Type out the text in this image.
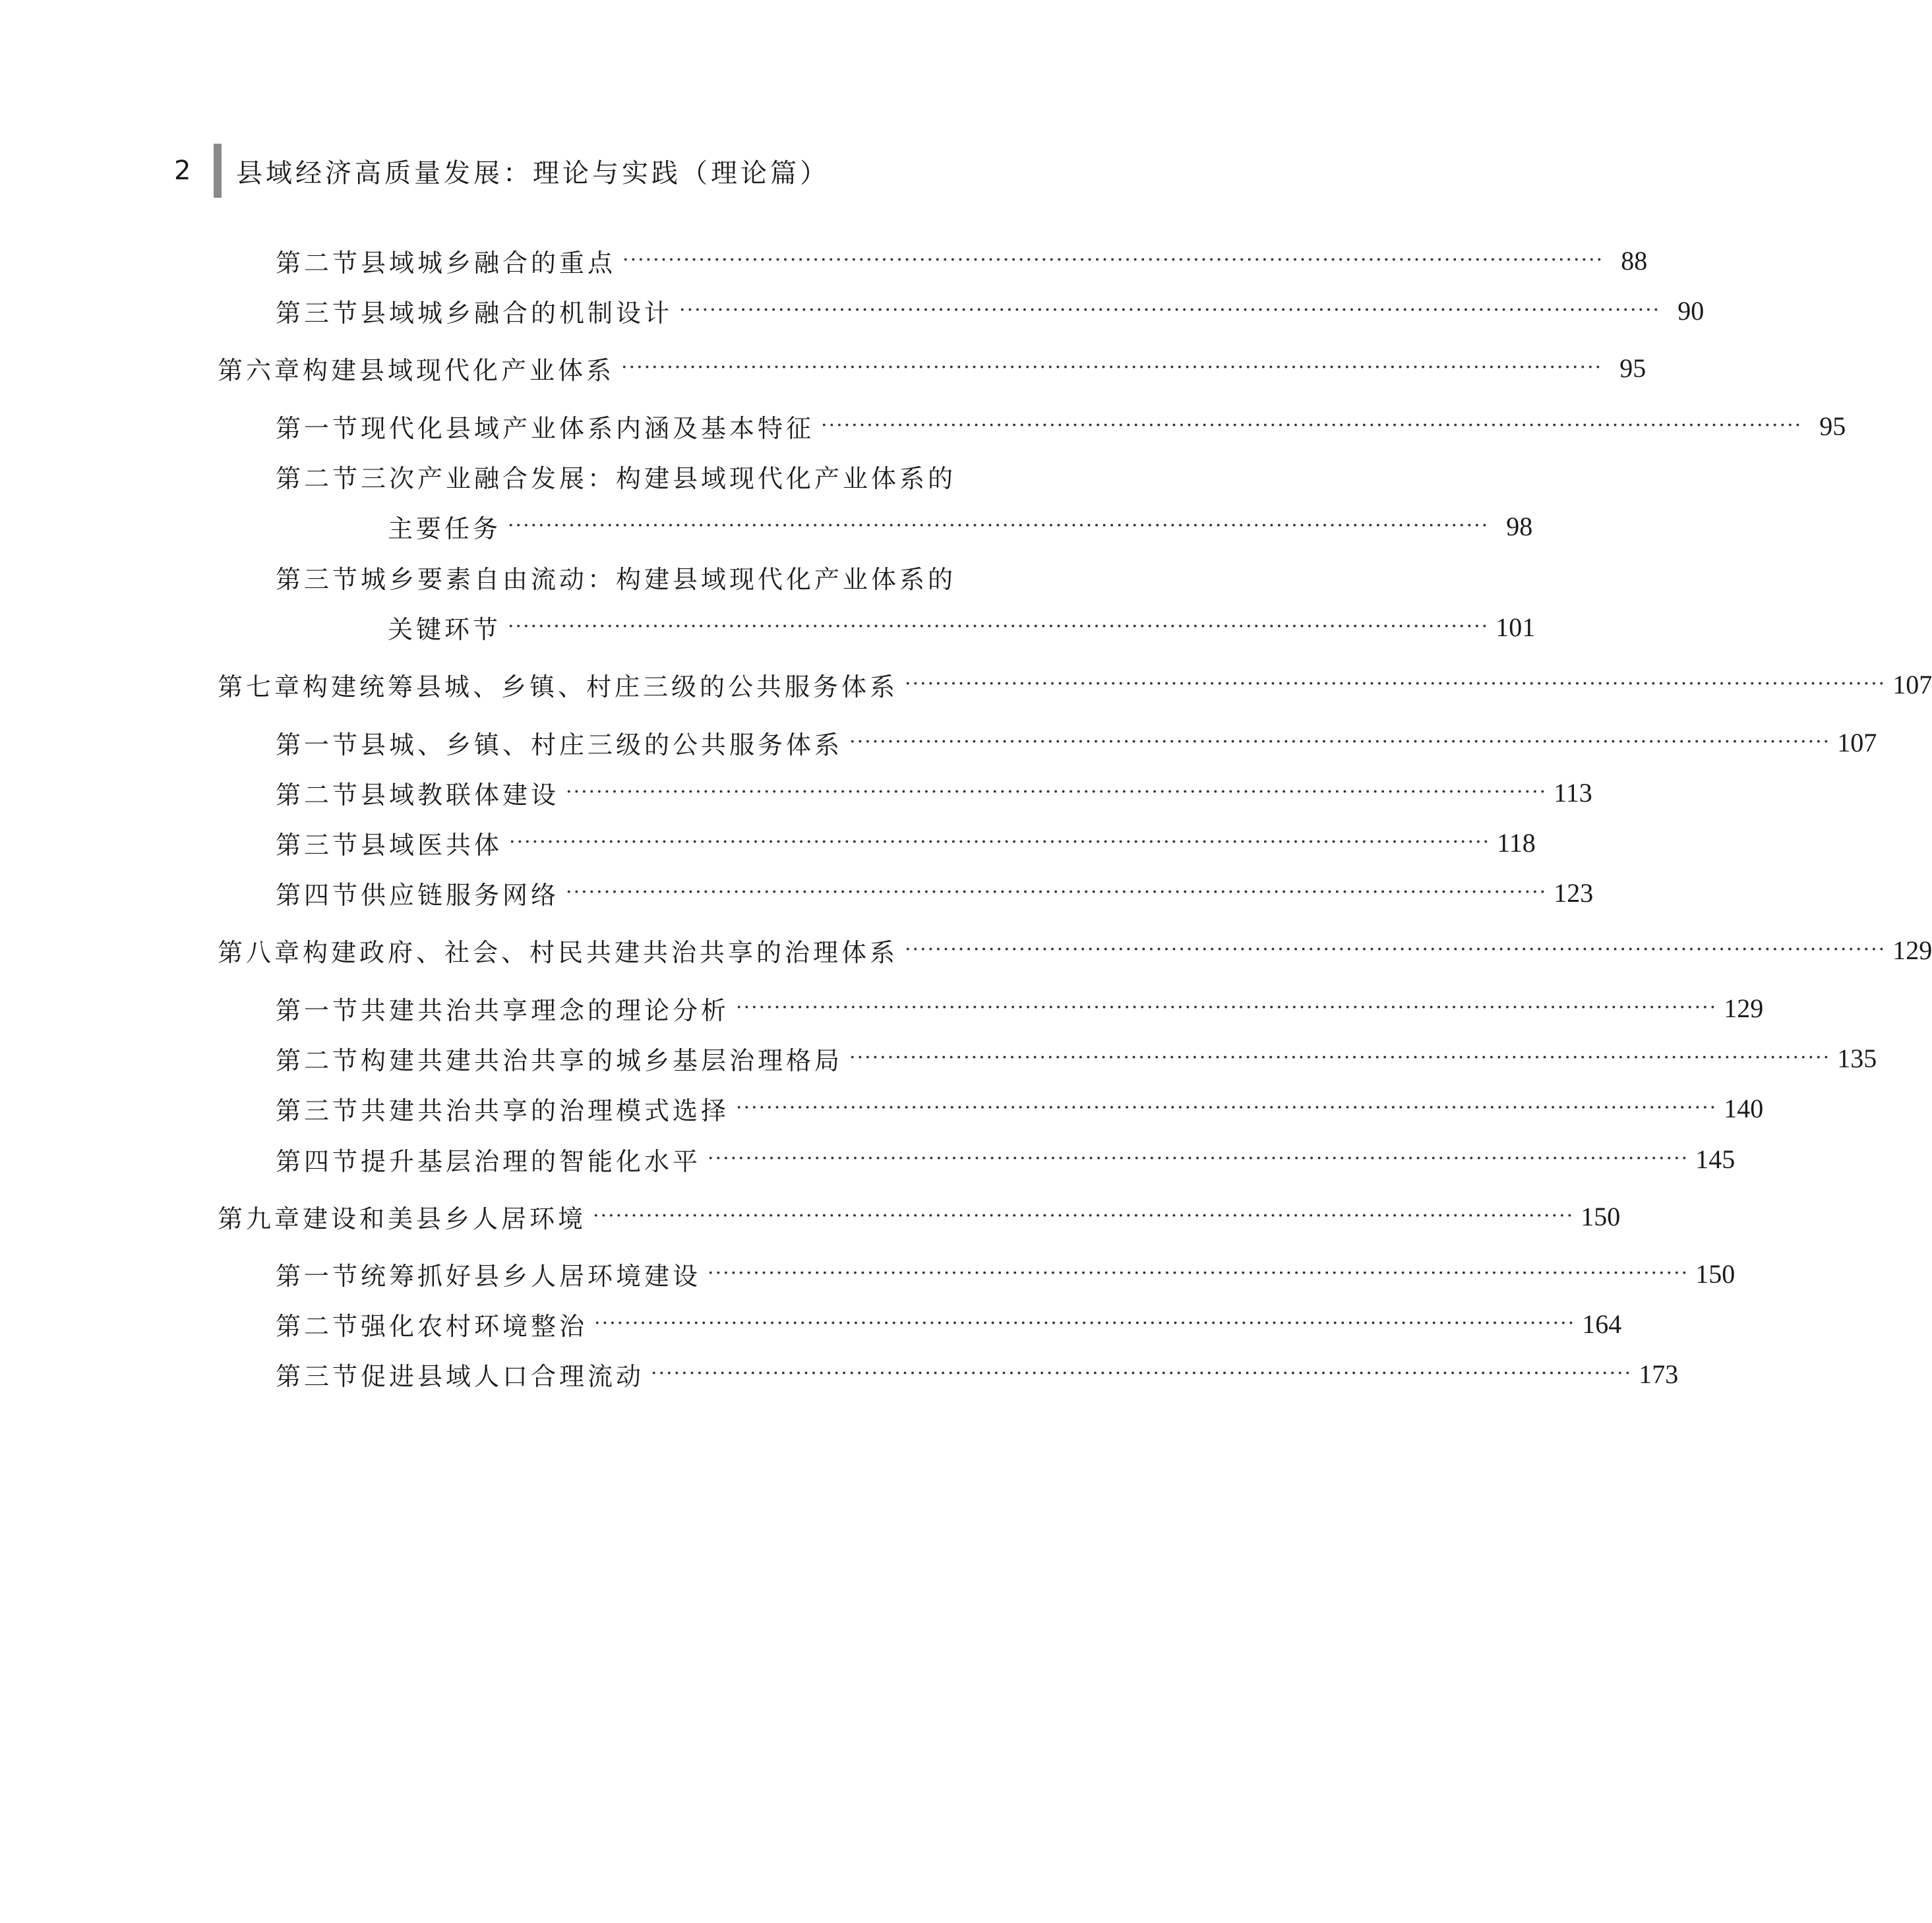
2	县域经济高质量发展：理论与实践（理论篇）
第二节 县域城乡融合的重点 ································································································································· 88
第三节 县域城乡融合的机制设计 ································································································································· 90
第六章 构建县域现代化产业体系 ································································································································· 95
第一节 现代化县域产业体系内涵及基本特征 ································································································································· 95
第二节 三次产业融合发展：构建县域现代化产业体系的
主要任务 ································································································································· 98
第三节 城乡要素自由流动：构建县域现代化产业体系的
关键环节 ································································································································· 101
第七章 构建统筹县城、乡镇、村庄三级的公共服务体系 ································································································································· 107
第一节 县城、乡镇、村庄三级的公共服务体系 ································································································································· 107
第二节 县域教联体建设 ································································································································· 113
第三节 县域医共体 ································································································································· 118
第四节 供应链服务网络 ································································································································· 123
第八章 构建政府、社会、村民共建共治共享的治理体系 ································································································································· 129
第一节 共建共治共享理念的理论分析 ································································································································· 129
第二节 构建共建共治共享的城乡基层治理格局 ································································································································· 135
第三节 共建共治共享的治理模式选择 ································································································································· 140
第四节 提升基层治理的智能化水平 ································································································································· 145
第九章 建设和美县乡人居环境 ································································································································· 150
第一节 统筹抓好县乡人居环境建设 ································································································································· 150
第二节 强化农村环境整治 ································································································································· 164
第三节 促进县域人口合理流动 ································································································································· 173
